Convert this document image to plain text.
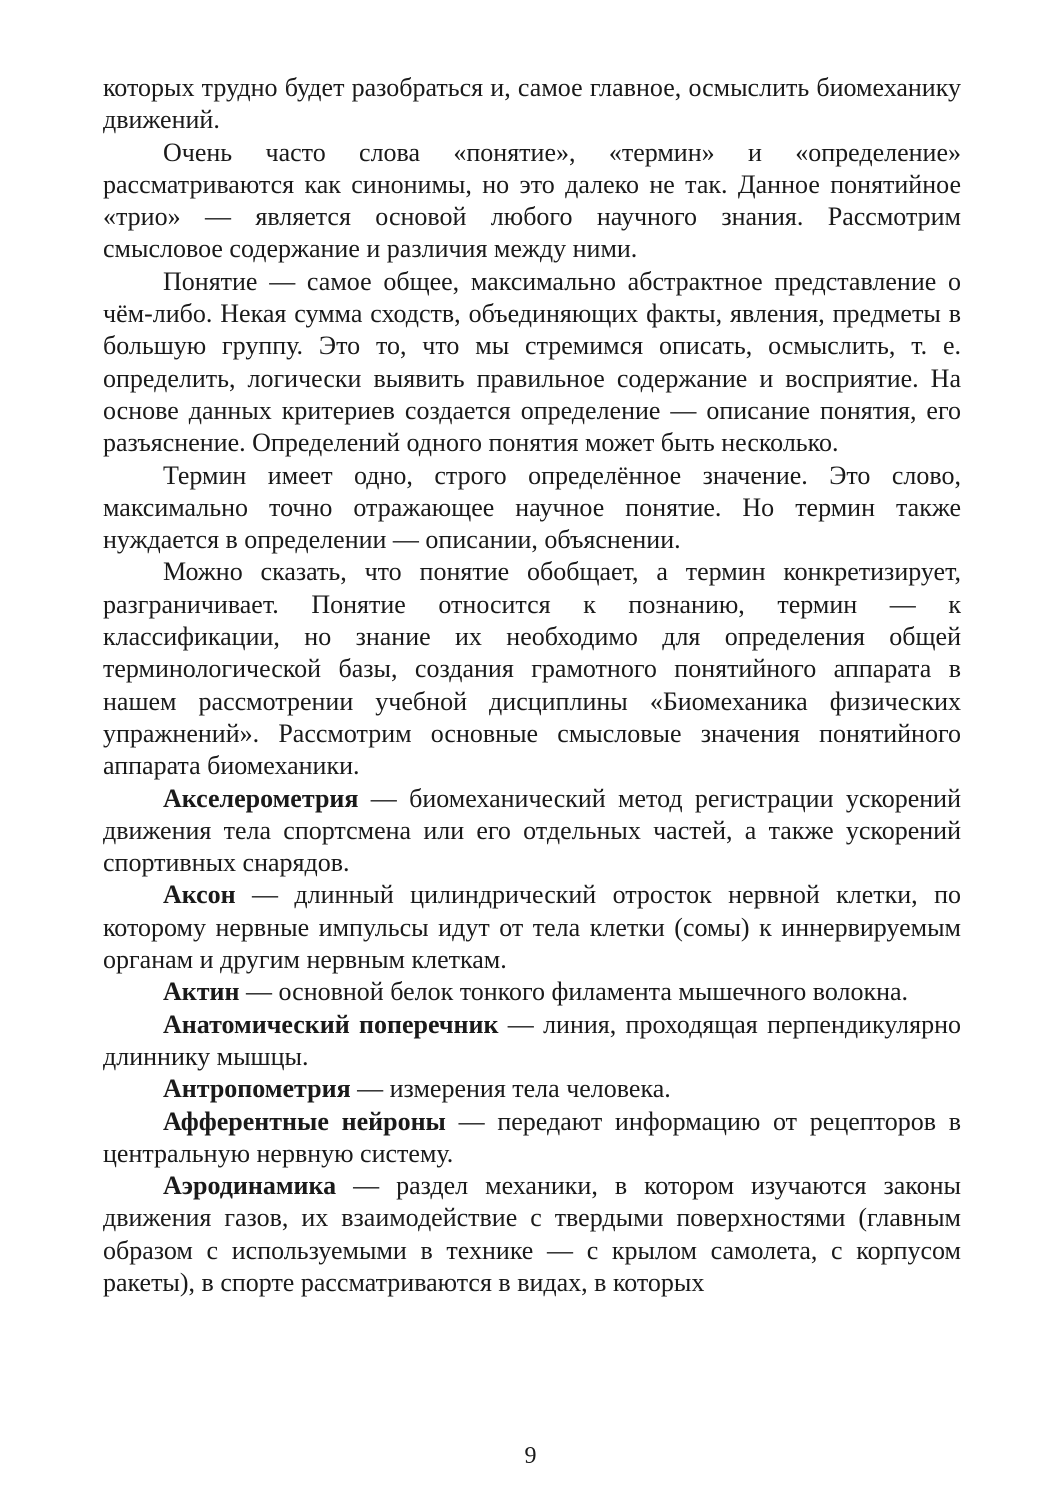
которых трудно будет разобраться и, самое главное, осмыслить биомеханику движений.

Очень часто слова «понятие», «термин» и «определение» рассматриваются как синонимы, но это далеко не так. Данное понятийное «трио» — является основой любого научного знания. Рассмотрим смысловое содержание и различия между ними.

Понятие — самое общее, максимально абстрактное представление о чём-либо. Некая сумма сходств, объединяющих факты, явления, предметы в большую группу. Это то, что мы стремимся описать, осмыслить, т. е. определить, логически выявить правильное содержание и восприятие. На основе данных критериев создается определение — описание понятия, его разъяснение. Определений одного понятия может быть несколько.

Термин имеет одно, строго определённое значение. Это слово, максимально точно отражающее научное понятие. Но термин также нуждается в определении — описании, объяснении.

Можно сказать, что понятие обобщает, а термин конкретизирует, разграничивает. Понятие относится к познанию, термин — к классификации, но знание их необходимо для определения общей терминологической базы, создания грамотного понятийного аппарата в нашем рассмотрении учебной дисциплины «Биомеханика физических упражнений». Рассмотрим основные смысловые значения понятийного аппарата биомеханики.

Акселерометрия — биомеханический метод регистрации ускорений движения тела спортсмена или его отдельных частей, а также ускорений спортивных снарядов.

Аксон — длинный цилиндрический отросток нервной клетки, по которому нервные импульсы идут от тела клетки (сомы) к иннервируемым органам и другим нервным клеткам.

Актин — основной белок тонкого филамента мышечного волокна.

Анатомический поперечник — линия, проходящая перпендикулярно длиннику мышцы.

Антропометрия — измерения тела человека.

Афферентные нейроны — передают информацию от рецепторов в центральную нервную систему.

Аэродинамика — раздел механики, в котором изучаются законы движения газов, их взаимодействие с твердыми поверхностями (главным образом с используемыми в технике — с крылом самолета, с корпусом ракеты), в спорте рассматриваются в видах, в которых

9
